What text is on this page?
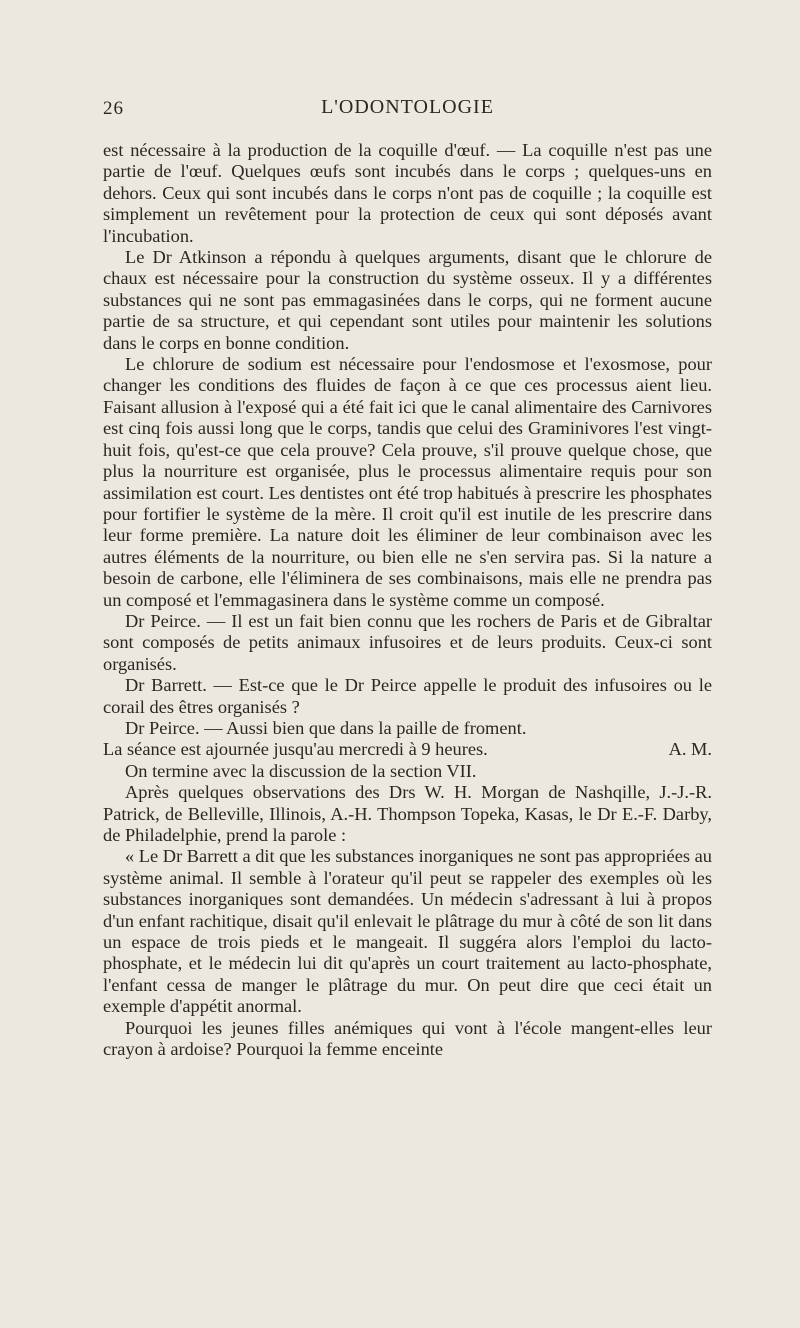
26	L'ODONTOLOGIE

est nécessaire à la production de la coquille d'œuf. — La coquille n'est pas une partie de l'œuf. Quelques œufs sont incubés dans le corps ; quelques-uns en dehors. Ceux qui sont incubés dans le corps n'ont pas de coquille ; la coquille est simplement un revêtement pour la protection de ceux qui sont déposés avant l'incubation.

Le Dr Atkinson a répondu à quelques arguments, disant que le chlorure de chaux est nécessaire pour la construction du système osseux. Il y a différentes substances qui ne sont pas emmagasinées dans le corps, qui ne forment aucune partie de sa structure, et qui cependant sont utiles pour maintenir les solutions dans le corps en bonne condition.

Le chlorure de sodium est nécessaire pour l'endosmose et l'exosmose, pour changer les conditions des fluides de façon à ce que ces processus aient lieu. Faisant allusion à l'exposé qui a été fait ici que le canal alimentaire des Carnivores est cinq fois aussi long que le corps, tandis que celui des Graminivores l'est vingt-huit fois, qu'est-ce que cela prouve? Cela prouve, s'il prouve quelque chose, que plus la nourriture est organisée, plus le processus alimentaire requis pour son assimilation est court. Les dentistes ont été trop habitués à prescrire les phosphates pour fortifier le système de la mère. Il croit qu'il est inutile de les prescrire dans leur forme première. La nature doit les éliminer de leur combinaison avec les autres éléments de la nourriture, ou bien elle ne s'en servira pas. Si la nature a besoin de carbone, elle l'éliminera de ses combinaisons, mais elle ne prendra pas un composé et l'emmagasinera dans le système comme un composé.

Dr Peirce. — Il est un fait bien connu que les rochers de Paris et de Gibraltar sont composés de petits animaux infusoires et de leurs produits. Ceux-ci sont organisés.

Dr Barrett. — Est-ce que le Dr Peirce appelle le produit des infusoires ou le corail des êtres organisés ?

Dr Peirce. — Aussi bien que dans la paille de froment.

La séance est ajournée jusqu'au mercredi à 9 heures.	A. M.

On termine avec la discussion de la section VII.

Après quelques observations des Drs W. H. Morgan de Nashqille, J.-J.-R. Patrick, de Belleville, Illinois, A.-H. Thompson Topeka, Kasas, le Dr E.-F. Darby, de Philadelphie, prend la parole :

« Le Dr Barrett a dit que les substances inorganiques ne sont pas appropriées au système animal. Il semble à l'orateur qu'il peut se rappeler des exemples où les substances inorganiques sont demandées. Un médecin s'adressant à lui à propos d'un enfant rachitique, disait qu'il enlevait le plâtrage du mur à côté de son lit dans un espace de trois pieds et le mangeait. Il suggéra alors l'emploi du lacto-phosphate, et le médecin lui dit qu'après un court traitement au lacto-phosphate, l'enfant cessa de manger le plâtrage du mur. On peut dire que ceci était un exemple d'appétit anormal.

Pourquoi les jeunes filles anémiques qui vont à l'école mangent-elles leur crayon à ardoise? Pourquoi la femme enceinte
